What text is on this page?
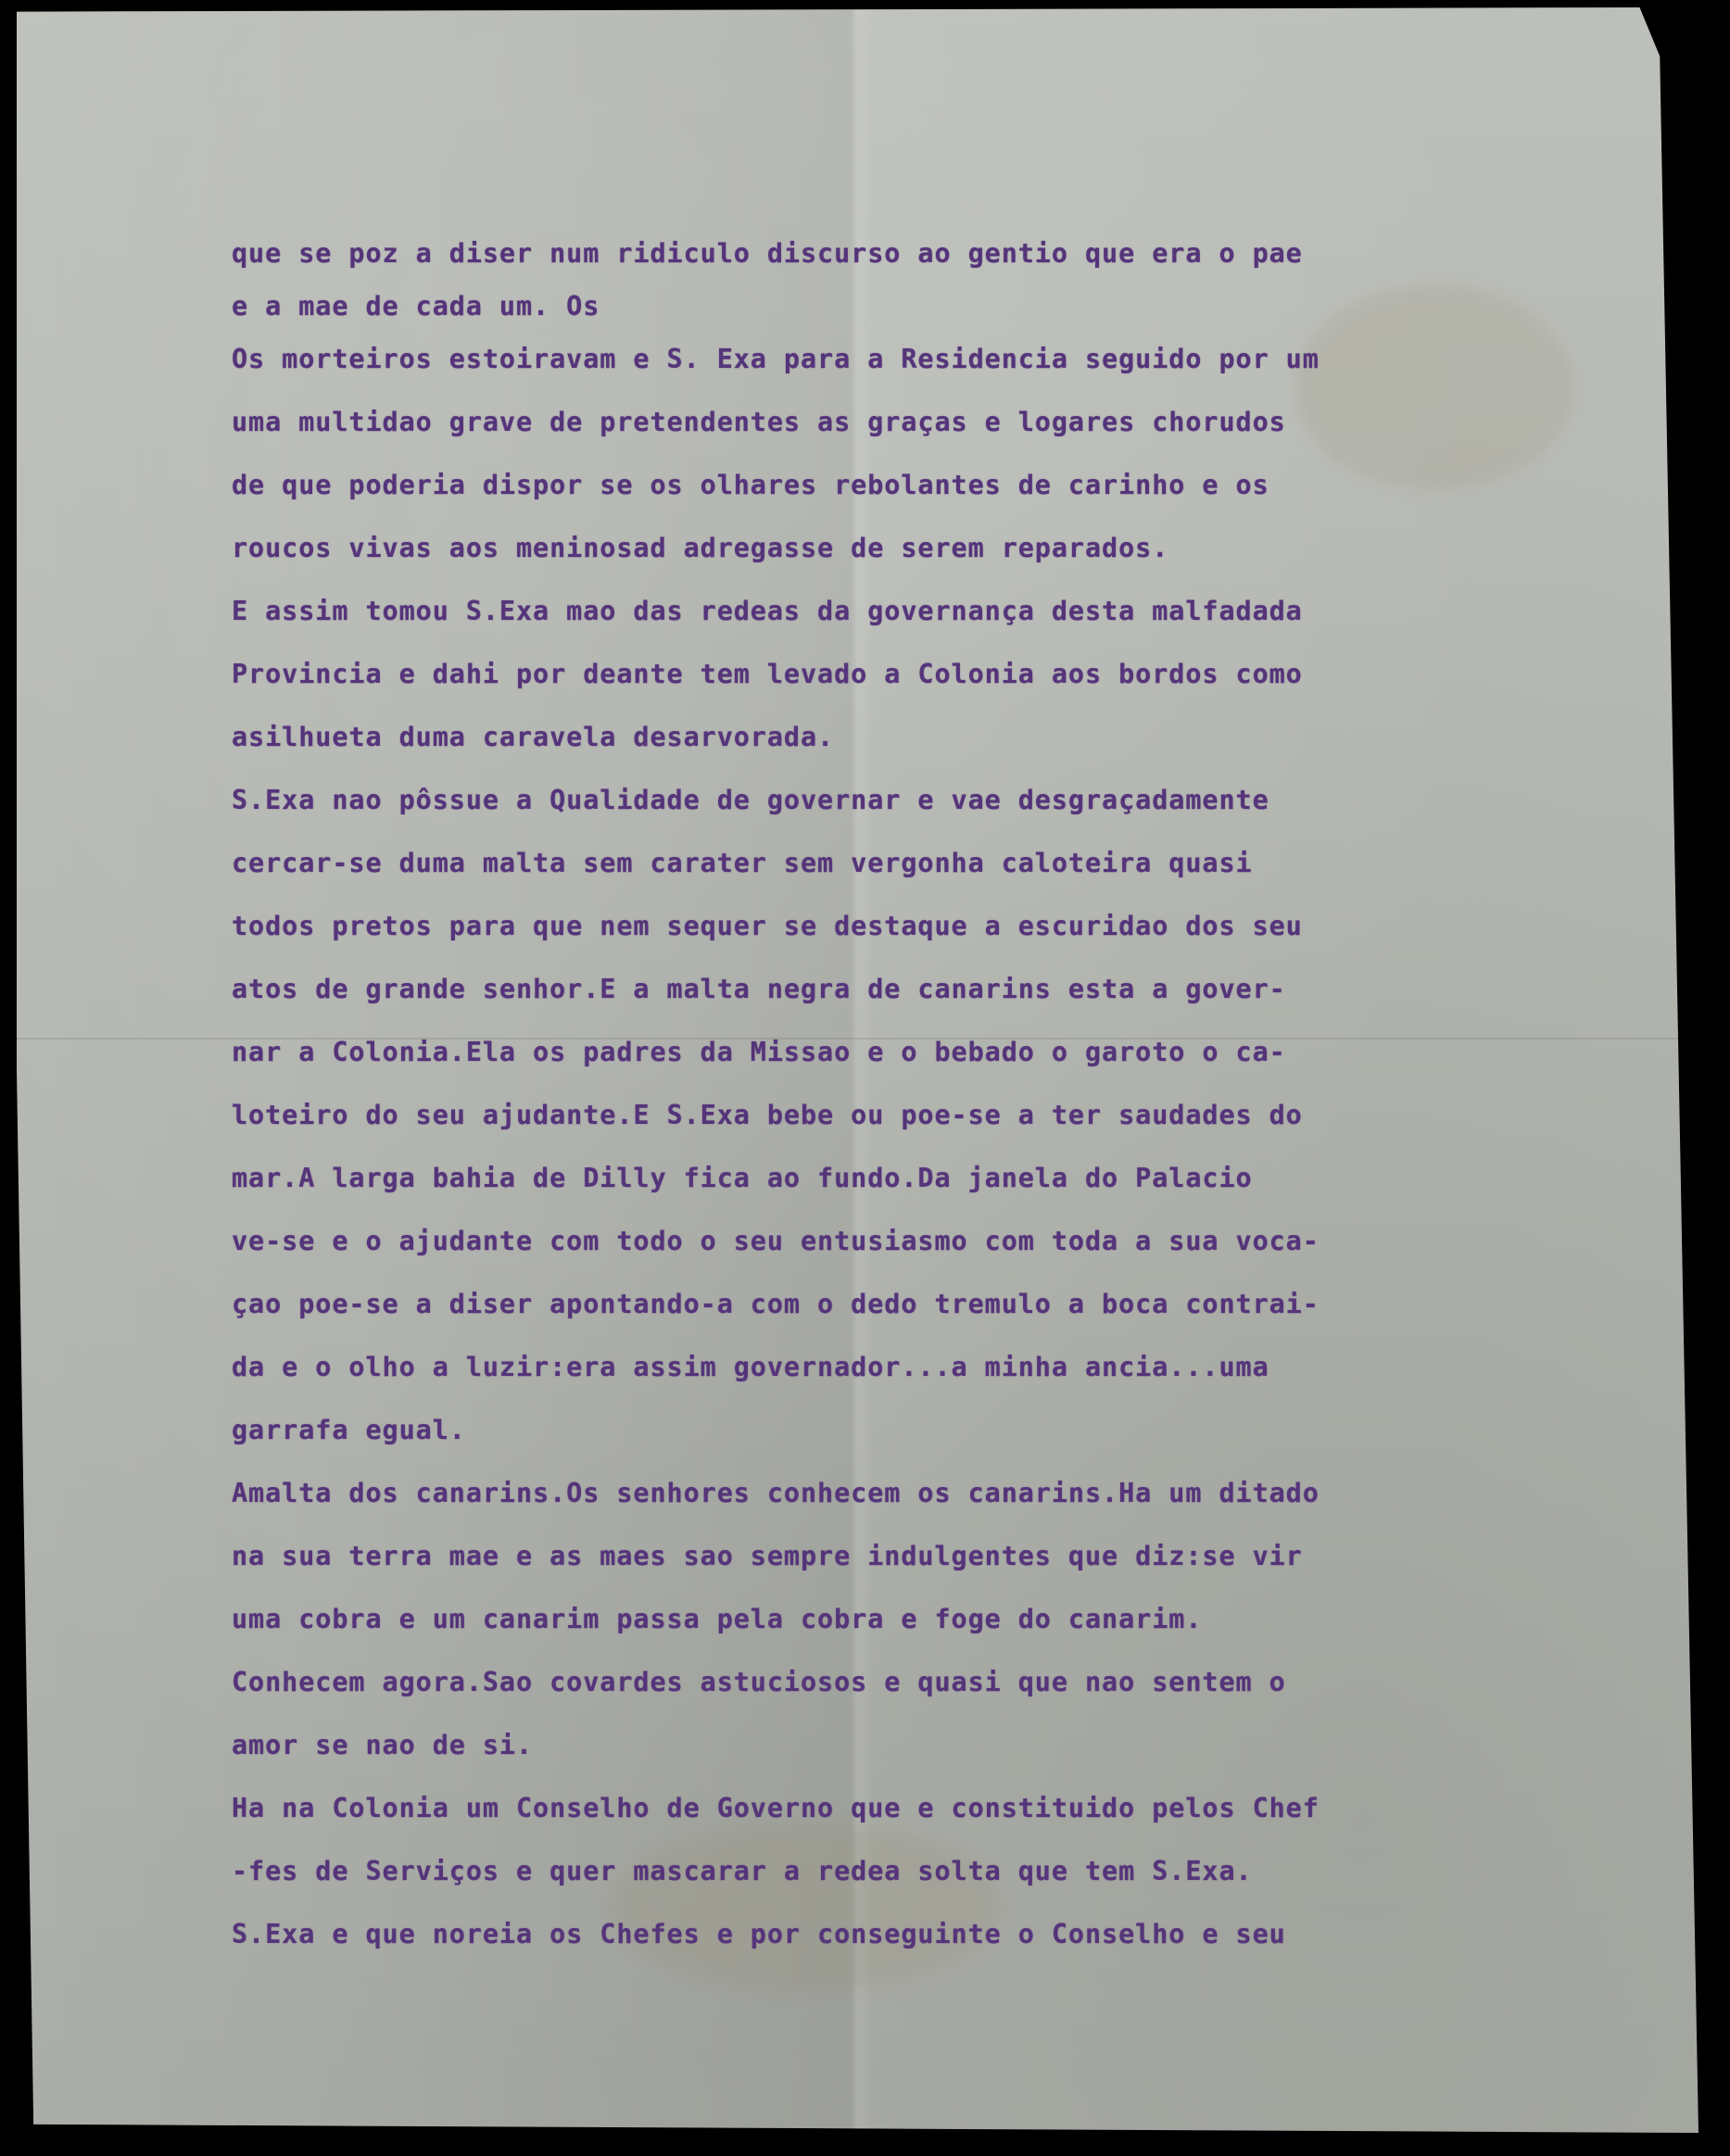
que se poz a diser num ridiculo discurso ao gentio que era o pae
e a mae de cada um. Os
Os morteiros estoiravam e S. Exa para a Residencia seguido por um
uma multidao grave de pretendentes as graças e logares chorudos
de que poderia dispor se os olhares rebolantes de carinho e os
roucos vivas aos meninosad adregasse de serem reparados.
E assim tomou S.Exa mao das redeas da governança desta malfadada
Provincia e dahi por deante tem levado a Colonia aos bordos como
asilhueta duma caravela desarvorada.
S.Exa nao pôssue a Qualidade de governar e vae desgraçadamente
cercar-se duma malta sem carater sem vergonha caloteira quasi
todos pretos para que nem sequer se destaque a escuridao dos seu
atos de grande senhor.E a malta negra de canarins esta a gover-
nar a Colonia.Ela os padres da Missao e o bebado o garoto o ca-
loteiro do seu ajudante.E S.Exa bebe ou poe-se a ter saudades do
mar.A larga bahia de Dilly fica ao fundo.Da janela do Palacio
ve-se e o ajudante com todo o seu entusiasmo com toda a sua voca-
çao poe-se a diser apontando-a com o dedo tremulo a boca contrai-
da e o olho a luzir:era assim governador...a minha ancia...uma
garrafa egual.
Amalta dos canarins.Os senhores conhecem os canarins.Ha um ditado
na sua terra mae e as maes sao sempre indulgentes que diz:se vir
uma cobra e um canarim passa pela cobra e foge do canarim.
Conhecem agora.Sao covardes astuciosos e quasi que nao sentem o
amor se nao de si.
Ha na Colonia um Conselho de Governo que e constituido pelos Chef
-fes de Serviços e quer mascarar a redea solta que tem S.Exa.
S.Exa e que noreia os Chefes e por conseguinte o Conselho e seu
